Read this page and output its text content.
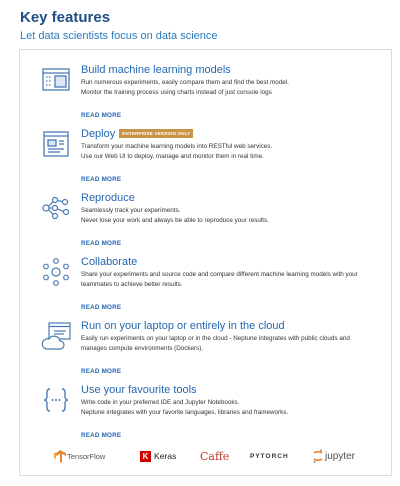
Key features
Let data scientists focus on data science
Build machine learning models
Run numerous experiments, easily compare them and find the best model.
Monitor the training process using charts instead of just console logs
READ MORE
Deploy	ENTERPRISE VERSION ONLY
Transform your machine learning models into RESTful web services.
Use our Web UI to deploy, manage and monitor them in real time.
READ MORE
Reproduce
Seamlessly track your experiments.
Never lose your work and always be able to reproduce your results.
READ MORE
Collaborate
Share your experiments and source code and compare different machine learning models with your
teammates to achieve better results.
READ MORE
Run on your laptop or entirely in the cloud
Easily run experiments on your laptop or in the cloud - Neptune integrates with public clouds and
manages compute environments (Dockers).
READ MORE
Use your favourite tools
Write code in your preferred IDE and Jupyter Notebooks.
Neptune integrates with your favorite languages, libraries and frameworks.
READ MORE
TensorFlow	K Keras Caffe	PYTORCH	jupyter
